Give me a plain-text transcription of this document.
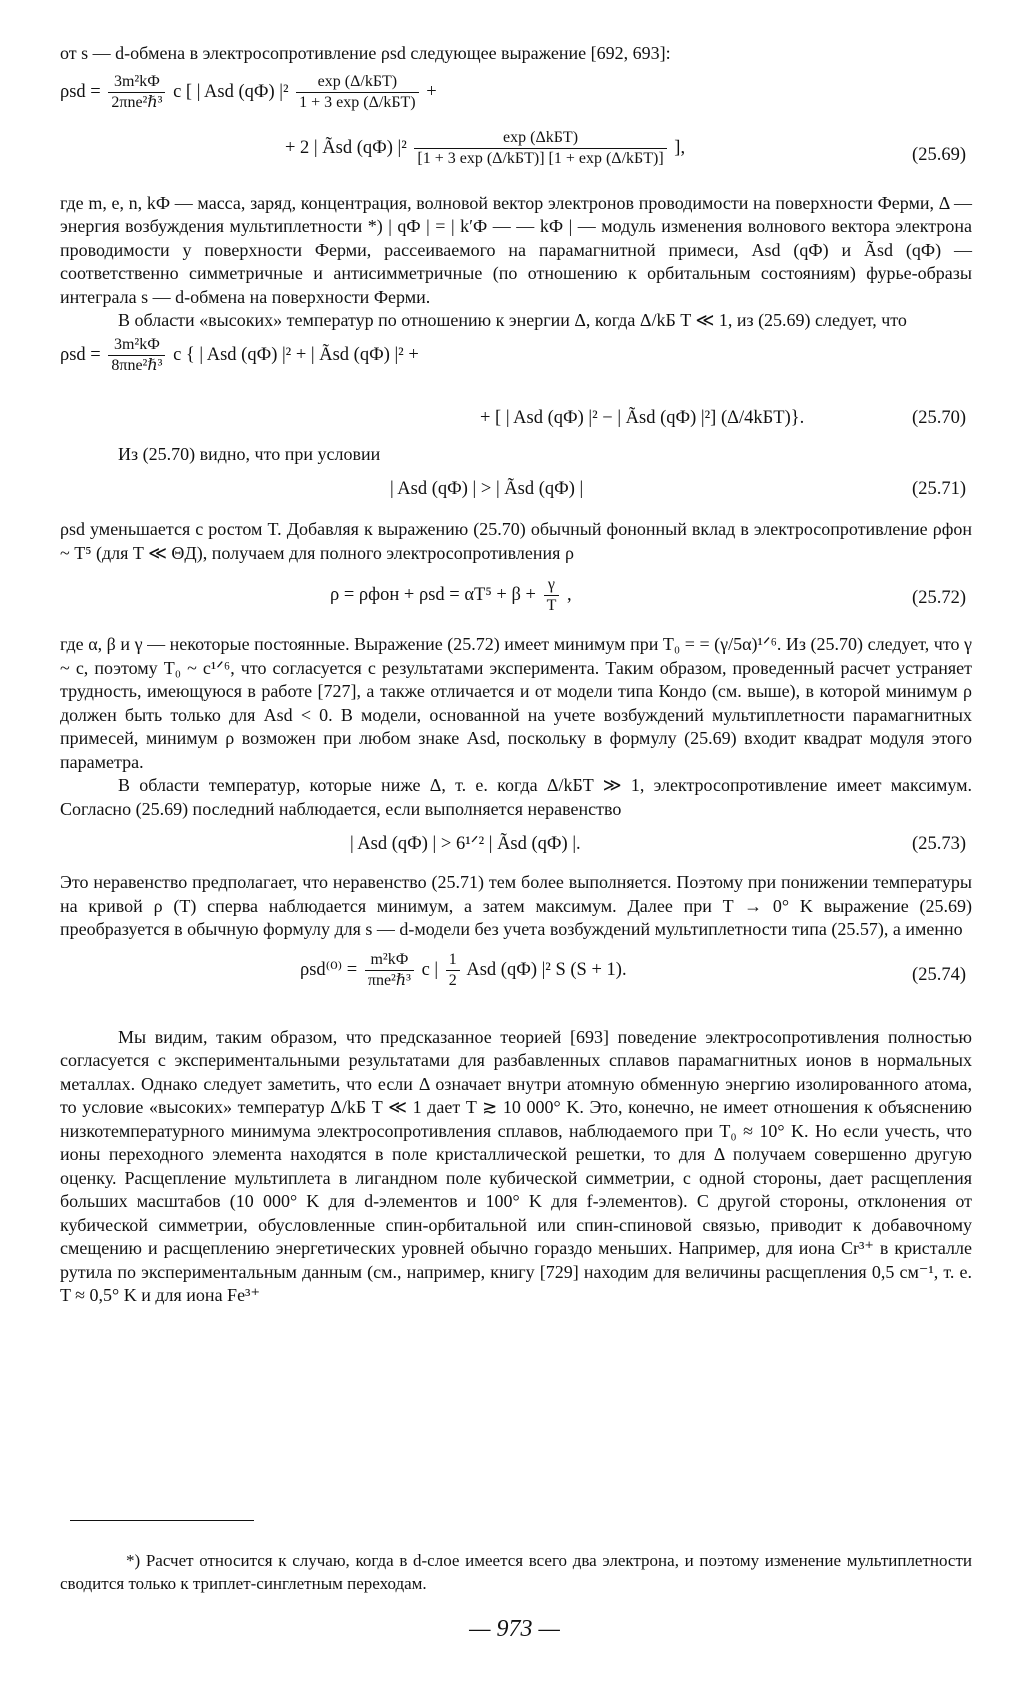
от s — d-обмена в электросопротивление ρsd следующее выражение [692, 693]:

$\rho sd = \frac{\text{3m²kФ}}{\text{2πne²ℏ³}}$ c [ | Asd (qФ) $|^2 \frac{\text{exp (Δ/kБT)}}{\text{1 + 3 exp (Δ/kБT)}}$ +
+ 2 | Ãsd (qФ) $|^2 \frac{\text{exp (ΔkБT)}}{\text{[1 + 3 exp (Δ/kБT)] [1 + exp (Δ/kБT)]}}$ ],	(25.69)

где m, e, n, kФ — масса, заряд, концентрация, волновой вектор электронов проводимости на поверхности Ферми, Δ — энергия возбуждения мультиплетности *) | qФ | = | k′Ф — — kФ | — модуль изменения волнового вектора электрона проводимости у поверхности Ферми, рассеиваемого на парамагнитной примеси, Asd (qФ) и Ãsd (qФ) — соответственно симметричные и антисимметричные (по отношению к орбитальным состояниям) фурье-образы интеграла s — d-обмена на поверхности Ферми.

В области «высоких» температур по отношению к энергии Δ, когда Δ/kБ T ≪ 1, из (25.69) следует, что

$\rho sd = \frac{\text{3m²kФ}}{\text{8πne²ℏ³}}$ c { | Asd (qФ) |² + | Ãsd (qФ) |² +
+ [ | Asd (qФ) |² − | Ãsd (qФ) |²] (Δ/4kБT)}.	(25.70)

Из (25.70) видно, что при условии

| Asd (qФ) | > | Ãsd (qФ) |	(25.71)

ρsd уменьшается с ростом T. Добавляя к выражению (25.70) обычный фононный вклад в электросопротивление ρфон ~ T⁵ (для T ≪ ΘД), получаем для полного электросопротивления ρ

$\rho = \rho фон + \rho sd = \alpha T^5 + \beta + \frac{\gamma}{T}$ ,	(25.72)

где α, β и γ — некоторые постоянные. Выражение (25.72) имеет минимум при T₀ = = (γ/5α)¹ᐟ⁶. Из (25.70) следует, что γ ~ c, поэтому T₀ ~ c¹ᐟ⁶, что согласуется с результатами эксперимента. Таким образом, проведенный расчет устраняет трудность, имеющуюся в работе [727], а также отличается и от модели типа Кондо (см. выше), в которой минимум ρ должен быть только для Asd < 0. В модели, основанной на учете возбуждений мультиплетности парамагнитных примесей, минимум ρ возможен при любом знаке Asd, поскольку в формулу (25.69) входит квадрат модуля этого параметра.

В области температур, которые ниже Δ, т. е. когда Δ/kБT ≫ 1, электросопротивление имеет максимум. Согласно (25.69) последний наблюдается, если выполняется неравенство

| Asd (qФ) | > 6¹ᐟ² | Ãsd (qФ) |.	(25.73)

Это неравенство предполагает, что неравенство (25.71) тем более выполняется. Поэтому при понижении температуры на кривой ρ (T) сперва наблюдается минимум, а затем максимум. Далее при T → 0° K выражение (25.69) преобразуется в обычную формулу для s — d-модели без учета возбуждений мультиплетности типа (25.57), а именно

$\rho sd^{(0)} = \frac{\text{m²kФ}}{\text{πne²ℏ³}}$ c | $\frac{1}{2}$ Asd (qФ) |² S (S + 1).	(25.74)

Мы видим, таким образом, что предсказанное теорией [693] поведение электросопротивления полностью согласуется с экспериментальными результатами для разбавленных сплавов парамагнитных ионов в нормальных металлах. Однако следует заметить, что если Δ означает внутри атомную обменную энергию изолированного атома, то условие «высоких» температур Δ/kБ T ≪ 1 дает T ≳ 10 000° K. Это, конечно, не имеет отношения к объяснению низкотемпературного минимума электросопротивления сплавов, наблюдаемого при T₀ ≈ 10° K. Но если учесть, что ионы переходного элемента находятся в поле кристаллической решетки, то для Δ получаем совершенно другую оценку. Расщепление мультиплета в лигандном поле кубической симметрии, с одной стороны, дает расщепления больших масштабов (10 000° K для d-элементов и 100° K для f-элементов). С другой стороны, отклонения от кубической симметрии, обусловленные спин-орбитальной или спин-спиновой связью, приводит к добавочному смещению и расщеплению энергетических уровней обычно гораздо меньших. Например, для иона Cr³⁺ в кристалле рутила по экспериментальным данным (см., например, книгу [729] находим для величины расщепления 0,5 см⁻¹, т. е. T ≈ 0,5° K и для иона Fe³⁺

*) Расчет относится к случаю, когда в d-слое имеется всего два электрона, и поэтому изменение мультиплетности сводится только к триплет-синглетным переходам.

— 973 —
